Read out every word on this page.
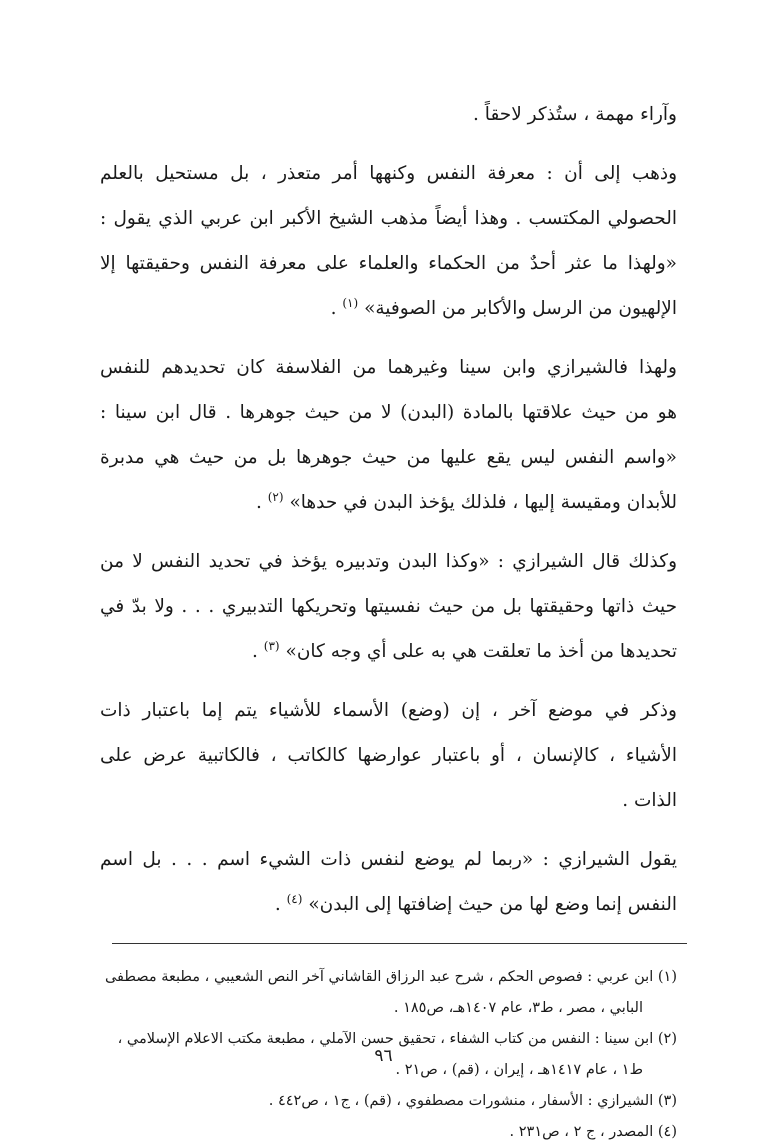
وآراء مهمة ، ستُذكر لاحقاً .

وذهب إلى أن : معرفة النفس وكنهها أمر متعذر ، بل مستحيل بالعلم
الحصولي المكتسب . وهذا أيضاً مذهب الشيخ الأكبر ابن عربي الذي يقول :
«ولهذا ما عثر أحدٌ من الحكماء والعلماء على معرفة النفس وحقيقتها إلا
الإلهيون من الرسل والأكابر من الصوفية» $^{(١)}$ .

ولهذا فالشيرازي وابن سينا وغيرهما من الفلاسفة كان تحديدهم للنفس
هو من حيث علاقتها بالمادة (البدن) لا من حيث جوهرها . قال ابن سينا :
«واسم النفس ليس يقع عليها من حيث جوهرها بل من حيث هي مدبرة
للأبدان ومقيسة إليها ، فلذلك يؤخذ البدن في حدها» $^{(٢)}$ .

وكذلك قال الشيرازي : «وكذا البدن وتدبيره يؤخذ في تحديد النفس لا من
حيث ذاتها وحقيقتها بل من حيث نفسيتها وتحريكها التدبيري . . . ولا بدّ في
تحديدها من أخذ ما تعلقت هي به على أي وجه كان» $^{(٣)}$ .

وذكر في موضع آخر ، إن (وضع) الأسماء للأشياء يتم إما باعتبار ذات
الأشياء ، كالإنسان ، أو باعتبار عوارضها كالكاتب ، فالكاتبية عرض على
الذات .

يقول الشيرازي : «ربما لم يوضع لنفس ذات الشيء اسم . . . بل اسم
النفس إنما وضع لها من حيث إضافتها إلى البدن» $^{(٤)}$ .

(١) ابن عربي : فصوص الحكم ، شرح عبد الرزاق القاشاني آخر النص الشعيبي ، مطبعة مصطفى
البابي ، مصر ، ط٣، عام ١٤٠٧هـ، ص١٨٥ .
(٢) ابن سينا : النفس من كتاب الشفاء ، تحقيق حسن الآملي ، مطبعة مكتب الاعلام الإسلامي ،
ط١ ، عام ١٤١٧هـ ، إيران ، (قم) ، ص٢١ .
(٣) الشيرازي : الأسفار ، منشورات مصطفوي ، (قم) ، ج١ ، ص٤٤٢ .
(٤) المصدر ، ج ٢ ، ص٢٣١ .
٩٦
